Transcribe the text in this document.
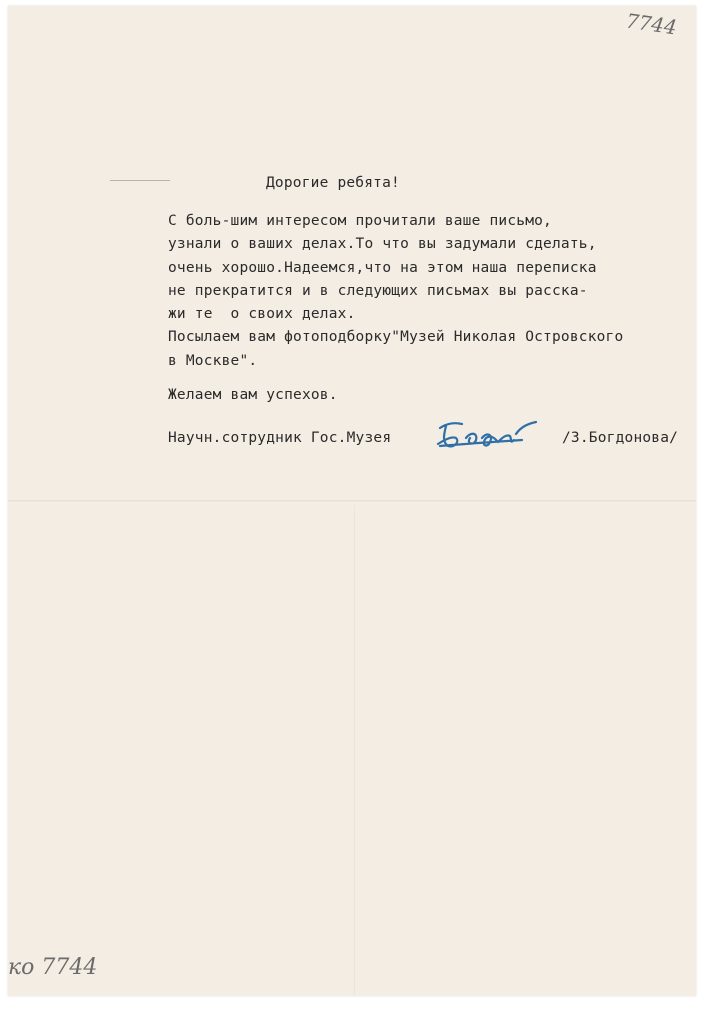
7744
Дорогие ребята!
С боль-шим интересом прочитали ваше письмо,
узнали о ваших делах.То что вы задумали сделать,
очень хорошо.Надеемся,что на этом наша переписка
не прекратится и в следующих письмах вы расска-
жи те  о своих делах.
Посылаем вам фотоподборку"Музей Николая Островского
в Москве".
Желаем вам успехов.
Научн.сотрудник Гос.Музея	/З.Богдонова/
ко 7744
